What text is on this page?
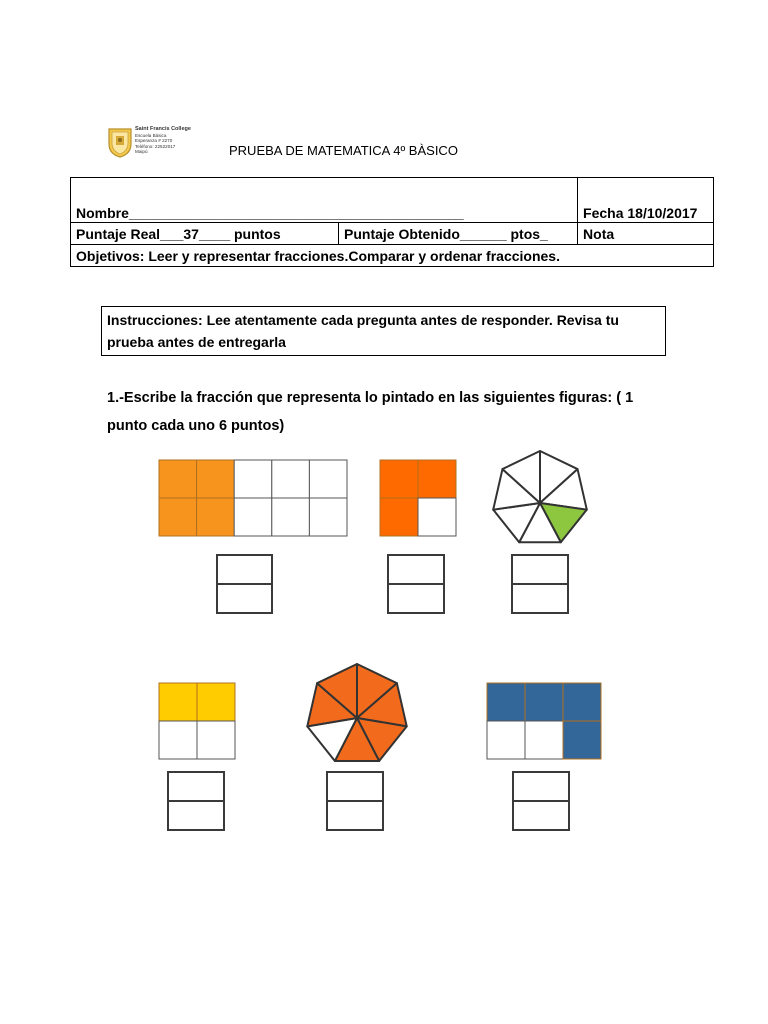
Saint Francis College
Escuela Básica
Esperanza # 2270
Teléfono: 22522017
Maipú	PRUEBA DE MATEMATICA 4º BÀSICO
Nombre___________________________________________		Fecha 18/10/2017
Puntaje Real___37____ puntos	Puntaje Obtenido______ ptos_	Nota
Objetivos: Leer y representar fracciones.Comparar y ordenar fracciones.		
Instrucciones: Lee atentamente cada pregunta antes de responder. Revisa tu prueba antes de entregarla
1.-Escribe la fracción que representa lo pintado en las siguientes figuras: ( 1 punto cada uno 6 puntos)
